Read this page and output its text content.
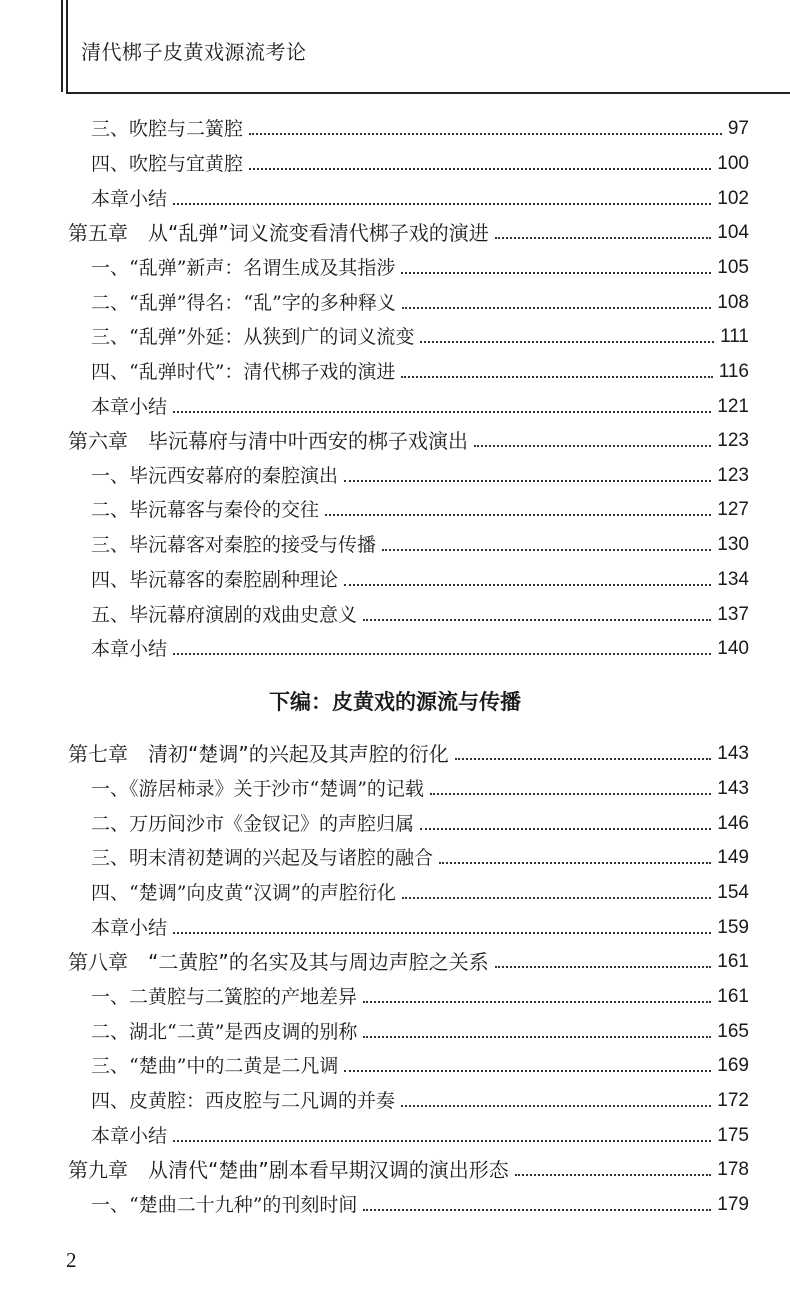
清代梆子皮黄戏源流考论
三、吹腔与二簧腔	97
四、吹腔与宜黄腔	100
本章小结	102
第五章　从“乱弹”词义流变看清代梆子戏的演进	104
一、“乱弹”新声：名谓生成及其指涉	105
二、“乱弹”得名：“乱”字的多种释义	108
三、“乱弹”外延：从狭到广的词义流变	111
四、“乱弹时代”：清代梆子戏的演进	116
本章小结	121
第六章　毕沅幕府与清中叶西安的梆子戏演出	123
一、毕沅西安幕府的秦腔演出	123
二、毕沅幕客与秦伶的交往	127
三、毕沅幕客对秦腔的接受与传播	130
四、毕沅幕客的秦腔剧种理论	134
五、毕沅幕府演剧的戏曲史意义	137
本章小结	140
第七章　清初“楚调”的兴起及其声腔的衍化	143
一、《游居柿录》关于沙市“楚调”的记载	143
二、万历间沙市《金钗记》的声腔归属	146
三、明末清初楚调的兴起及与诸腔的融合	149
四、“楚调”向皮黄“汉调”的声腔衍化	154
本章小结	159
第八章　“二黄腔”的名实及其与周边声腔之关系	161
一、二黄腔与二簧腔的产地差异	161
二、湖北“二黄”是西皮调的别称	165
三、“楚曲”中的二黄是二凡调	169
四、皮黄腔：西皮腔与二凡调的并奏	172
本章小结	175
第九章　从清代“楚曲”剧本看早期汉调的演出形态	178
一、“楚曲二十九种”的刊刻时间	179
下编：皮黄戏的源流与传播
2
